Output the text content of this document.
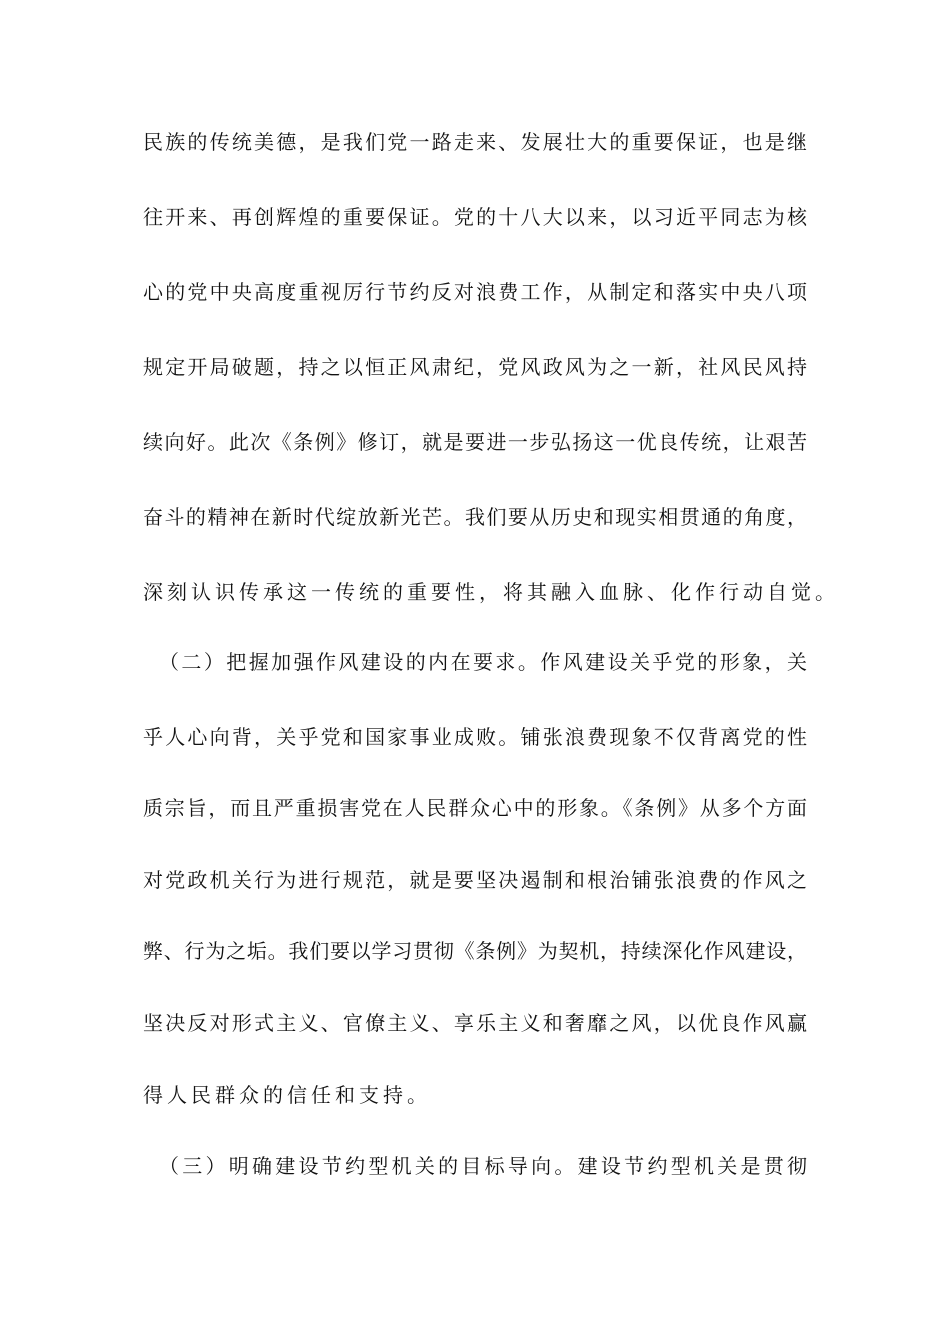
民族的传统美德，是我们党一路走来、发展壮大的重要保证，也是继
往开来、再创辉煌的重要保证。党的十八大以来，以习近平同志为核
心的党中央高度重视厉行节约反对浪费工作，从制定和落实中央八项
规定开局破题，持之以恒正风肃纪，党风政风为之一新，社风民风持
续向好。此次《条例》修订，就是要进一步弘扬这一优良传统，让艰苦
奋斗的精神在新时代绽放新光芒。我们要从历史和现实相贯通的角度，
深刻认识传承这一传统的重要性，将其融入血脉、化作行动自觉。
（二）把握加强作风建设的内在要求。作风建设关乎党的形象，关
乎人心向背，关乎党和国家事业成败。铺张浪费现象不仅背离党的性
质宗旨，而且严重损害党在人民群众心中的形象。《条例》从多个方面
对党政机关行为进行规范，就是要坚决遏制和根治铺张浪费的作风之
弊、行为之垢。我们要以学习贯彻《条例》为契机，持续深化作风建设，
坚决反对形式主义、官僚主义、享乐主义和奢靡之风，以优良作风赢
得人民群众的信任和支持。
（三）明确建设节约型机关的目标导向。建设节约型机关是贯彻
